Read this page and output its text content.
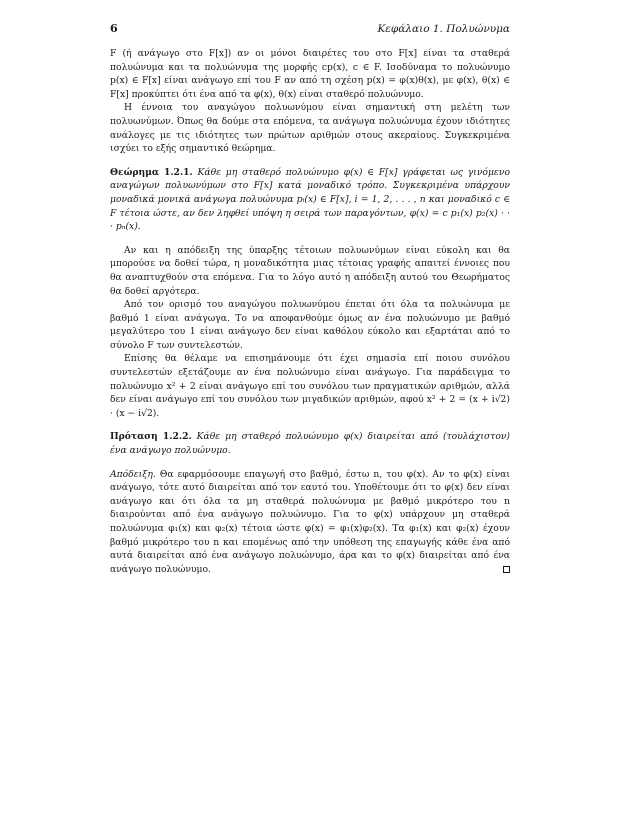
6	Κεφάλαιο 1. Πολυώνυμα

F (ή ανάγωγο στο F[x]) αν οι μόνοι διαιρέτες του στο F[x] είναι τα σταθερά πολυώνυμα και τα πολυώνυμα της μορφής cp(x), c ∈ F. Ισοδύναμα το πολυώνυμο p(x) ∈ F[x] είναι ανάγωγο επί του F αν από τη σχέση p(x) = φ(x)θ(x), με φ(x), θ(x) ∈ F[x] προκύπτει ότι ένα από τα φ(x), θ(x) είναι σταθερό πολυώνυμο.

Η έννοια του αναγώγου πολυωνύμου είναι σημαντική στη μελέτη των πολυωνύμων. Όπως θα δούμε στα επόμενα, τα ανάγωγα πολυώνυμα έχουν ιδιότητες ανάλογες με τις ιδιότητες των πρώτων αριθμών στους ακεραίους. Συγκεκριμένα ισχύει το εξής σημαντικό θεώρημα.

Θεώρημα 1.2.1. Κάθε μη σταθερό πολυώνυμο φ(x) ∈ F[x] γράφεται ως γινόμενο αναγώγων πολυωνύμων στο F[x] κατά μοναδικό τρόπο. Συγκεκριμένα υπάρχουν μοναδικά μονικά ανάγωγα πολυώνυμα pᵢ(x) ∈ F[x], i = 1, 2, . . . , n και μοναδικό c ∈ F τέτοια ώστε, αν δεν ληφθεί υπόψη η σειρά των παραγόντων, φ(x) = c p₁(x) p₂(x) · · · pₙ(x).

Αν και η απόδειξη της ύπαρξης τέτοιων πολυωνύμων είναι εύκολη και θα μπορούσε να δοθεί τώρα, η μοναδικότητα μιας τέτοιας γραφής απαιτεί έννοιες που θα αναπτυχθούν στα επόμενα. Για το λόγο αυτό η απόδειξη αυτού του Θεωρήματος θα δοθεί αργότερα.

Από τον ορισμό του αναγώγου πολυωνύμου έπεται ότι όλα τα πολυώνυμα με βαθμό 1 είναι ανάγωγα. Το να αποφανθούμε όμως αν ένα πολυώνυμο με βαθμό μεγαλύτερο του 1 είναι ανάγωγο δεν είναι καθόλου εύκολο και εξαρτάται από το σύνολο F των συντελεστών.

Επίσης θα θέλαμε να επισημάνουμε ότι έχει σημασία επί ποιου συνόλου συντελεστών εξετάζουμε αν ένα πολυώνυμο είναι ανάγωγο. Για παράδειγμα το πολυώνυμο x² + 2 είναι ανάγωγο επί του συνόλου των πραγματικών αριθμών, αλλά δεν είναι ανάγωγο επί του συνόλου των μιγαδικών αριθμών, αφού x² + 2 = (x + i√2) · (x − i√2).

Πρόταση 1.2.2. Κάθε μη σταθερό πολυώνυμο φ(x) διαιρείται από (τουλάχιστον) ένα ανάγωγο πολυώνυμο.

Απόδειξη. Θα εφαρμόσουμε επαγωγή στο βαθμό, έστω n, του φ(x). Αν το φ(x) είναι ανάγωγο, τότε αυτό διαιρείται από τον εαυτό του. Υποθέτουμε ότι το φ(x) δεν είναι ανάγωγο και ότι όλα τα μη σταθερά πολυώνυμα με βαθμό μικρότερο του n διαιρούνται από ένα ανάγωγο πολυώνυμο. Για το φ(x) υπάρχουν μη σταθερά πολυώνυμα φ₁(x) και φ₂(x) τέτοια ώστε φ(x) = φ₁(x)φ₂(x). Τα φ₁(x) και φ₂(x) έχουν βαθμό μικρότερο του n και επομένως από την υπόθεση της επαγωγής κάθε ένα από αυτά διαιρείται από ένα ανάγωγο πολυώνυμο, άρα και το φ(x) διαιρείται από ένα ανάγωγο πολυώνυμο.
